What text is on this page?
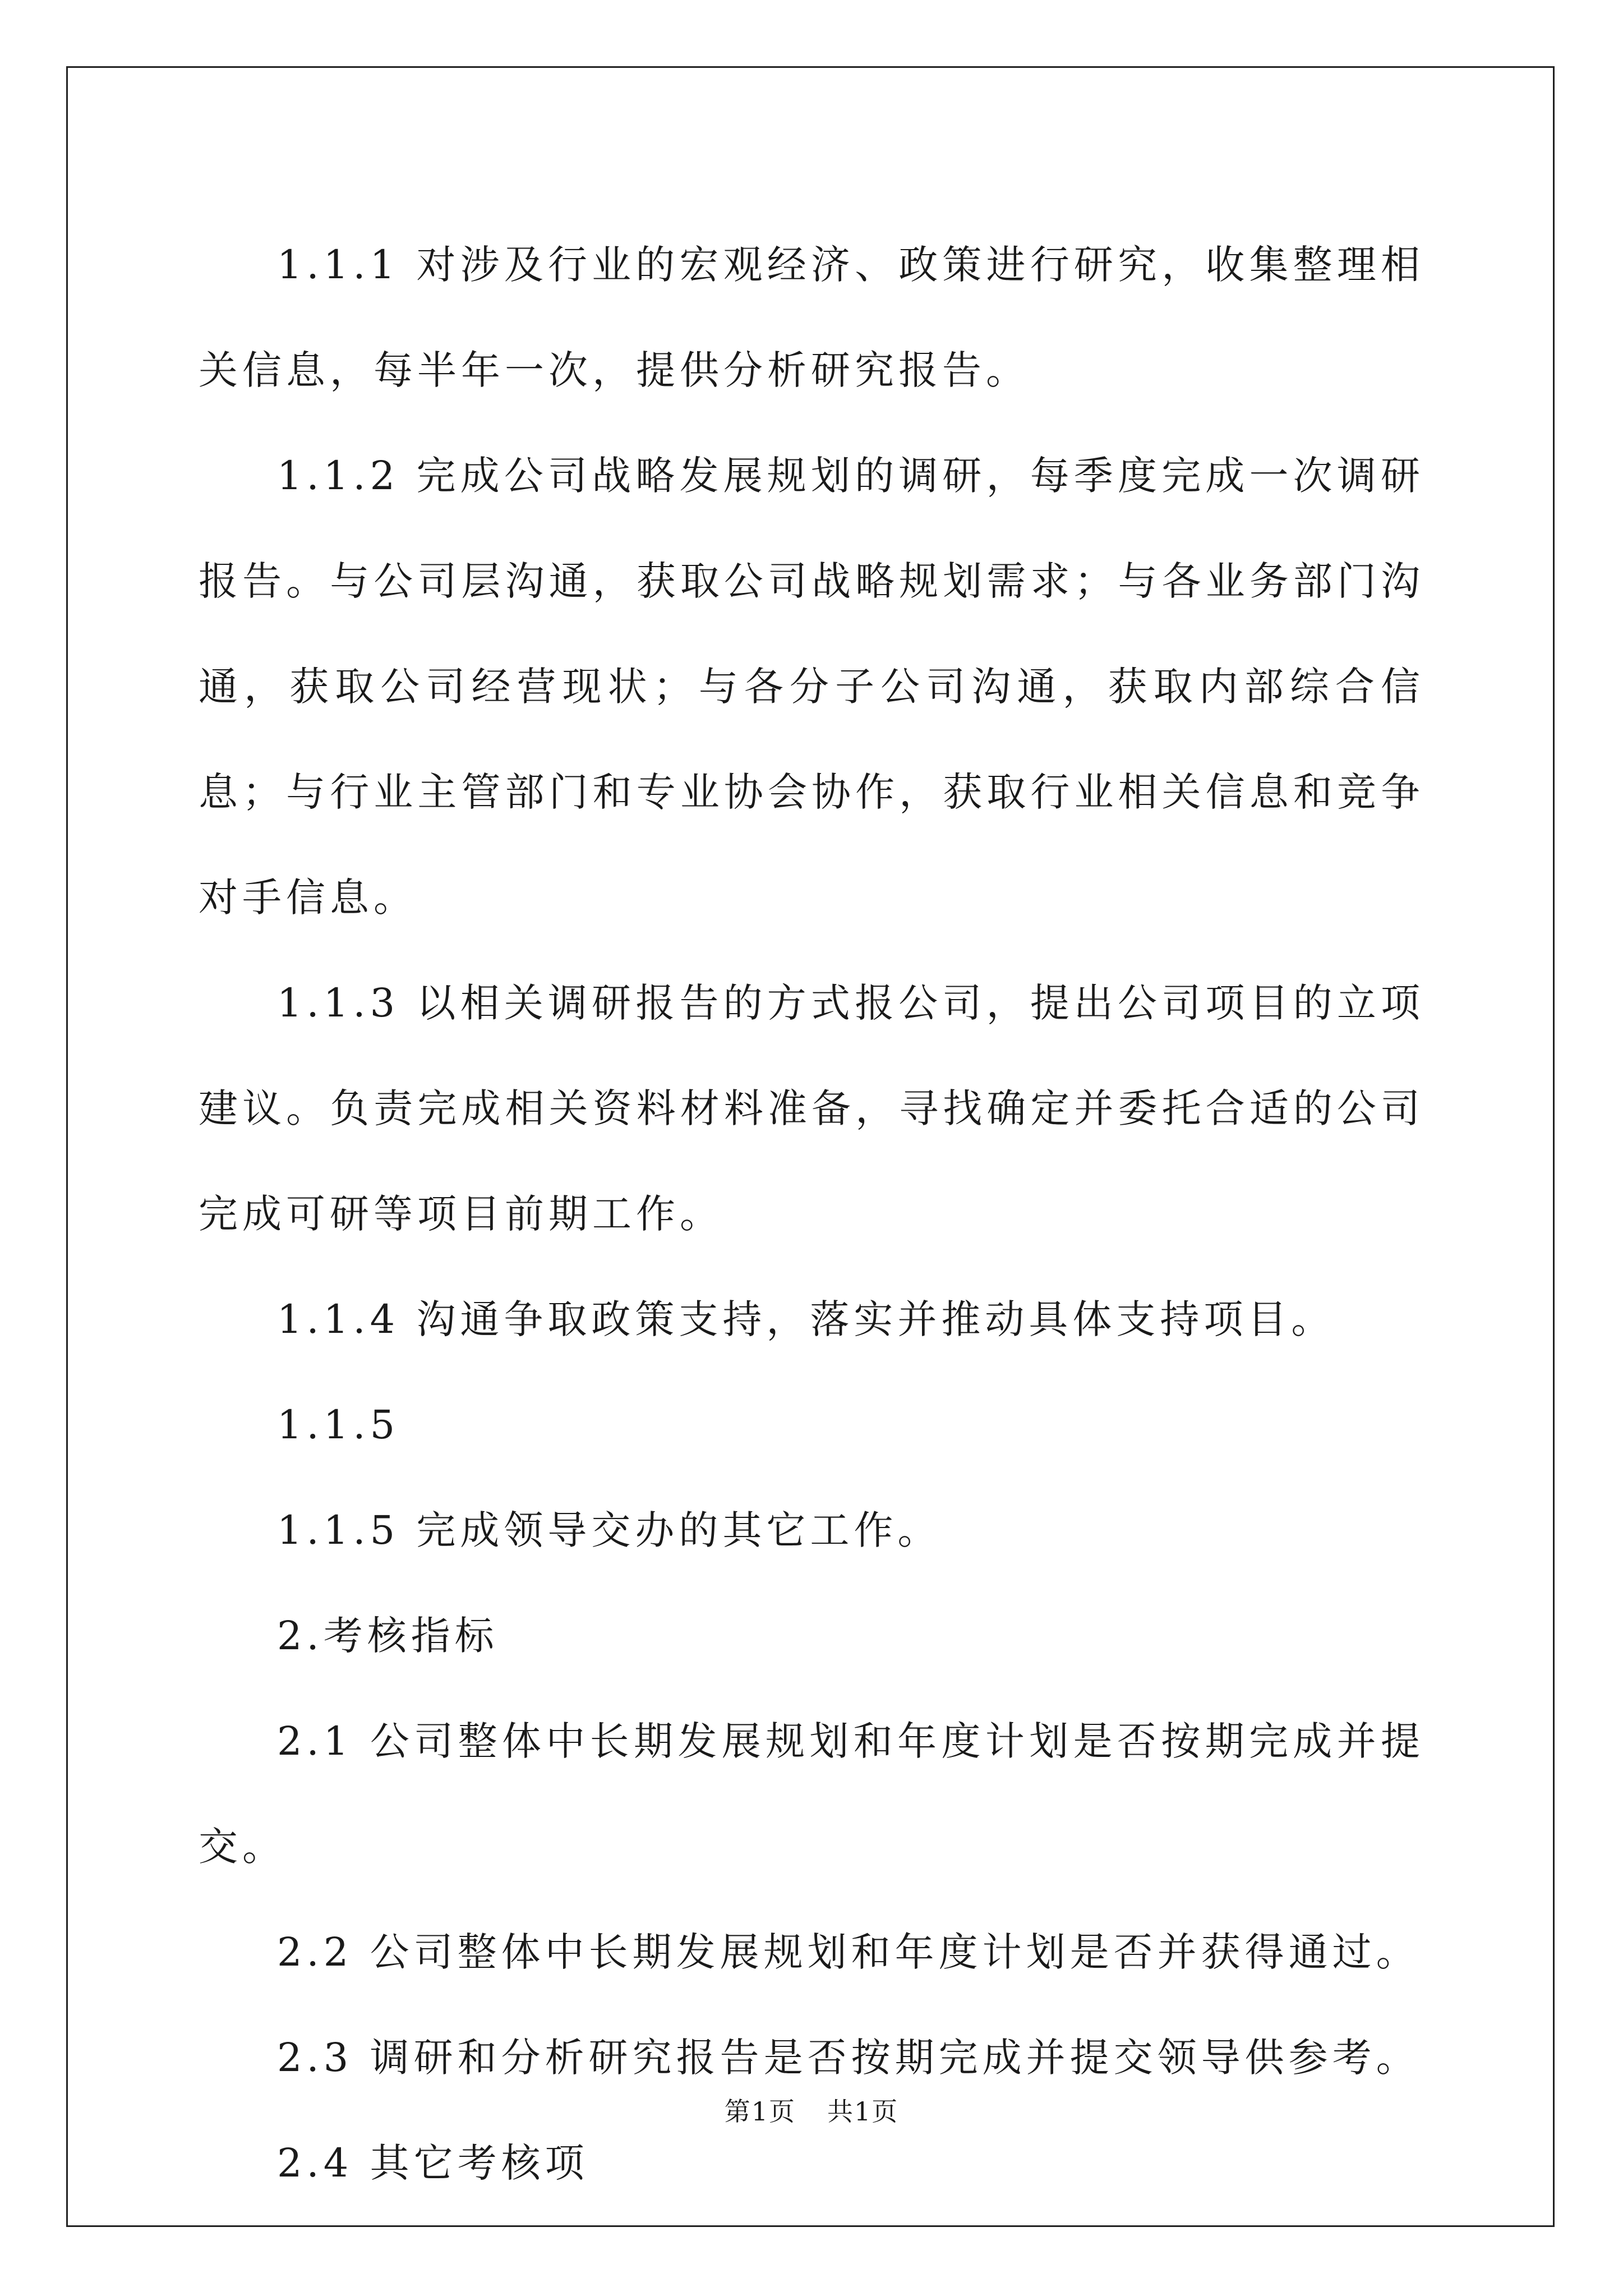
1.1.1 对涉及行业的宏观经济、政策进行研究，收集整理相关信息，每半年一次，提供分析研究报告。

1.1.2 完成公司战略发展规划的调研，每季度完成一次调研报告。与公司层沟通，获取公司战略规划需求；与各业务部门沟通，获取公司经营现状；与各分子公司沟通，获取内部综合信息；与行业主管部门和专业协会协作，获取行业相关信息和竞争对手信息。

1.1.3 以相关调研报告的方式报公司，提出公司项目的立项建议。负责完成相关资料材料准备，寻找确定并委托合适的公司完成可研等项目前期工作。

1.1.4 沟通争取政策支持，落实并推动具体支持项目。

1.1.5

1.1.5 完成领导交办的其它工作。

2.考核指标

2.1 公司整体中长期发展规划和年度计划是否按期完成并提交。

2.2 公司整体中长期发展规划和年度计划是否并获得通过。

2.3 调研和分析研究报告是否按期完成并提交领导供参考。

2.4 其它考核项

第1页 共1页
